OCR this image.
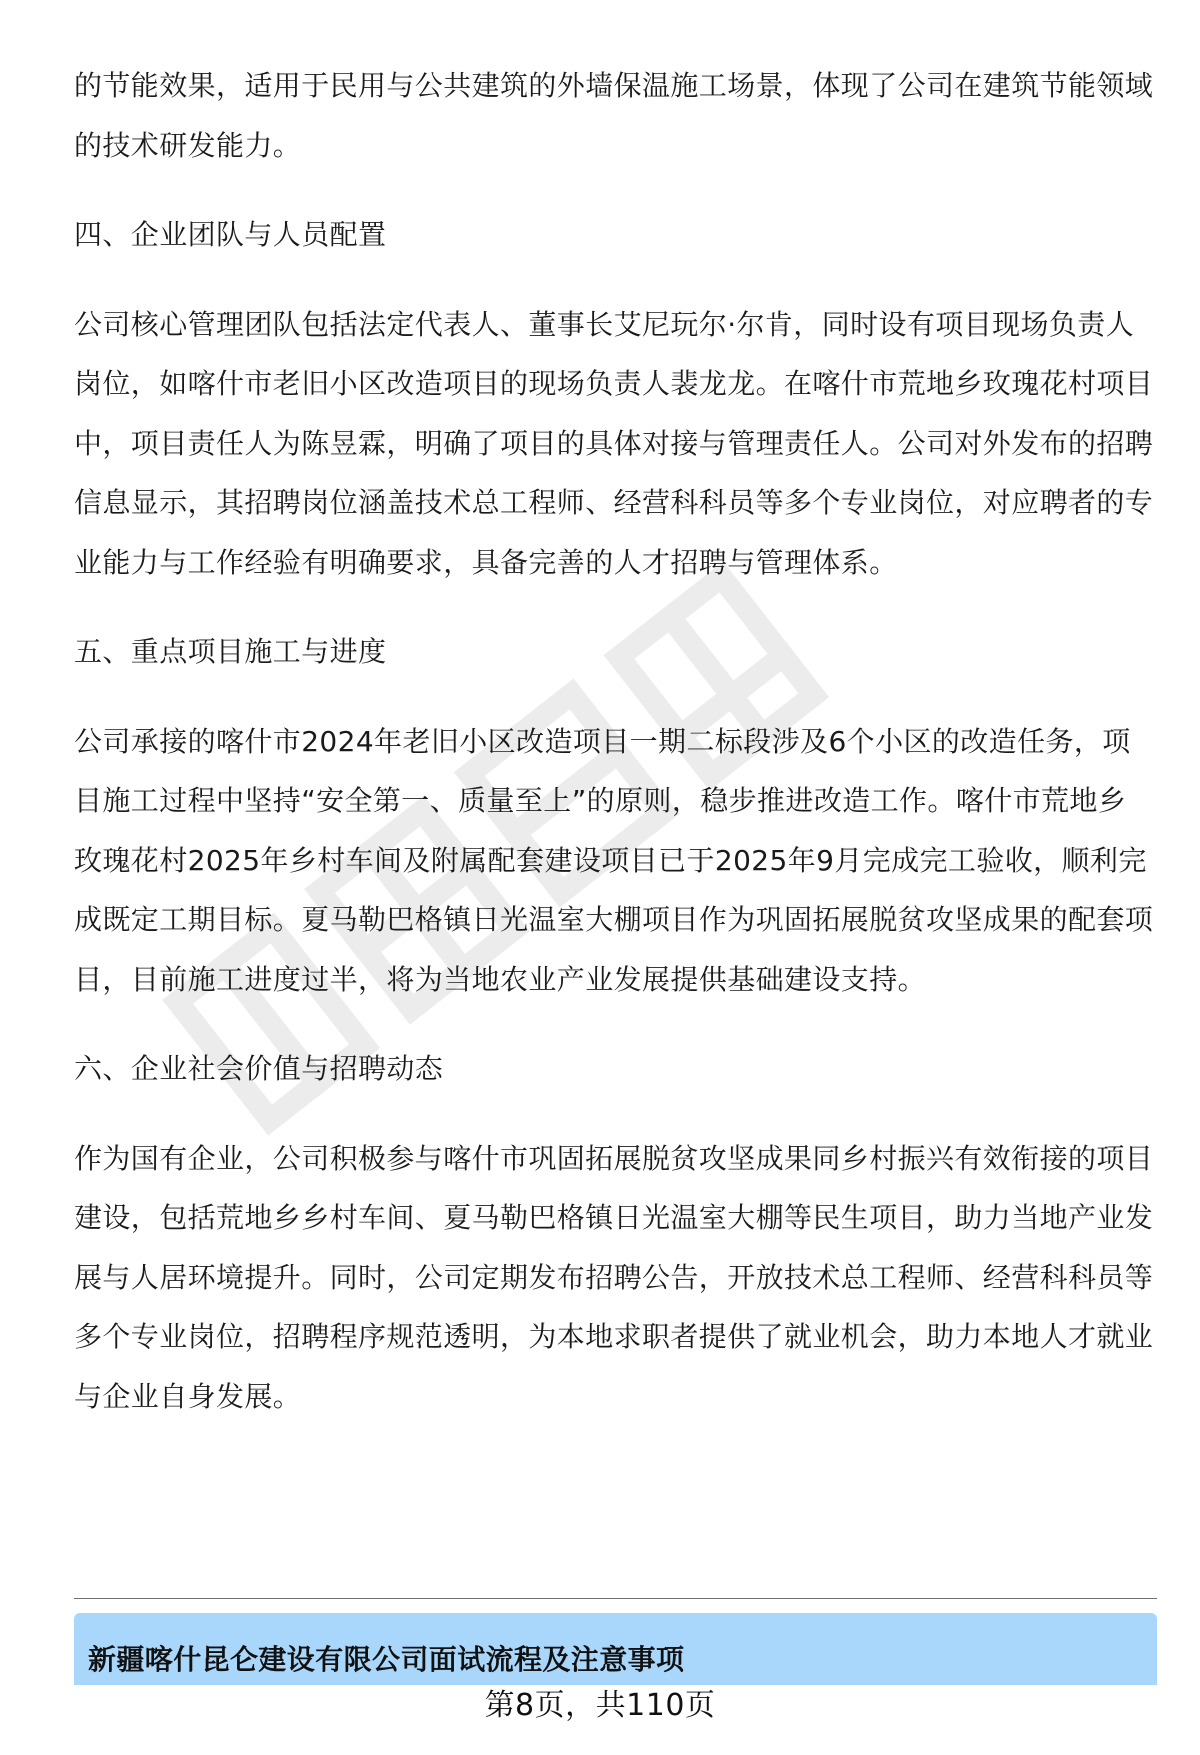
的节能效果，适用于民用与公共建筑的外墙保温施工场景，体现了公司在建筑节能领域的技术研发能力。

四、企业团队与人员配置

公司核心管理团队包括法定代表人、董事长艾尼玩尔·尔肯，同时设有项目现场负责人岗位，如喀什市老旧小区改造项目的现场负责人裴龙龙。在喀什市荒地乡玫瑰花村项目中，项目责任人为陈昱霖，明确了项目的具体对接与管理责任人。公司对外发布的招聘信息显示，其招聘岗位涵盖技术总工程师、经营科科员等多个专业岗位，对应聘者的专业能力与工作经验有明确要求，具备完善的人才招聘与管理体系。

五、重点项目施工与进度

公司承接的喀什市2024年老旧小区改造项目一期二标段涉及6个小区的改造任务，项目施工过程中坚持“安全第一、质量至上”的原则，稳步推进改造工作。喀什市荒地乡玫瑰花村2025年乡村车间及附属配套建设项目已于2025年9月完成完工验收，顺利完成既定工期目标。夏马勒巴格镇日光温室大棚项目作为巩固拓展脱贫攻坚成果的配套项目，目前施工进度过半，将为当地农业产业发展提供基础建设支持。

六、企业社会价值与招聘动态

作为国有企业，公司积极参与喀什市巩固拓展脱贫攻坚成果同乡村振兴有效衔接的项目建设，包括荒地乡乡村车间、夏马勒巴格镇日光温室大棚等民生项目，助力当地产业发展与人居环境提升。同时，公司定期发布招聘公告，开放技术总工程师、经营科科员等多个专业岗位，招聘程序规范透明，为本地求职者提供了就业机会，助力本地人才就业与企业自身发展。

新疆喀什昆仑建设有限公司面试流程及注意事项
第8页，共110页
